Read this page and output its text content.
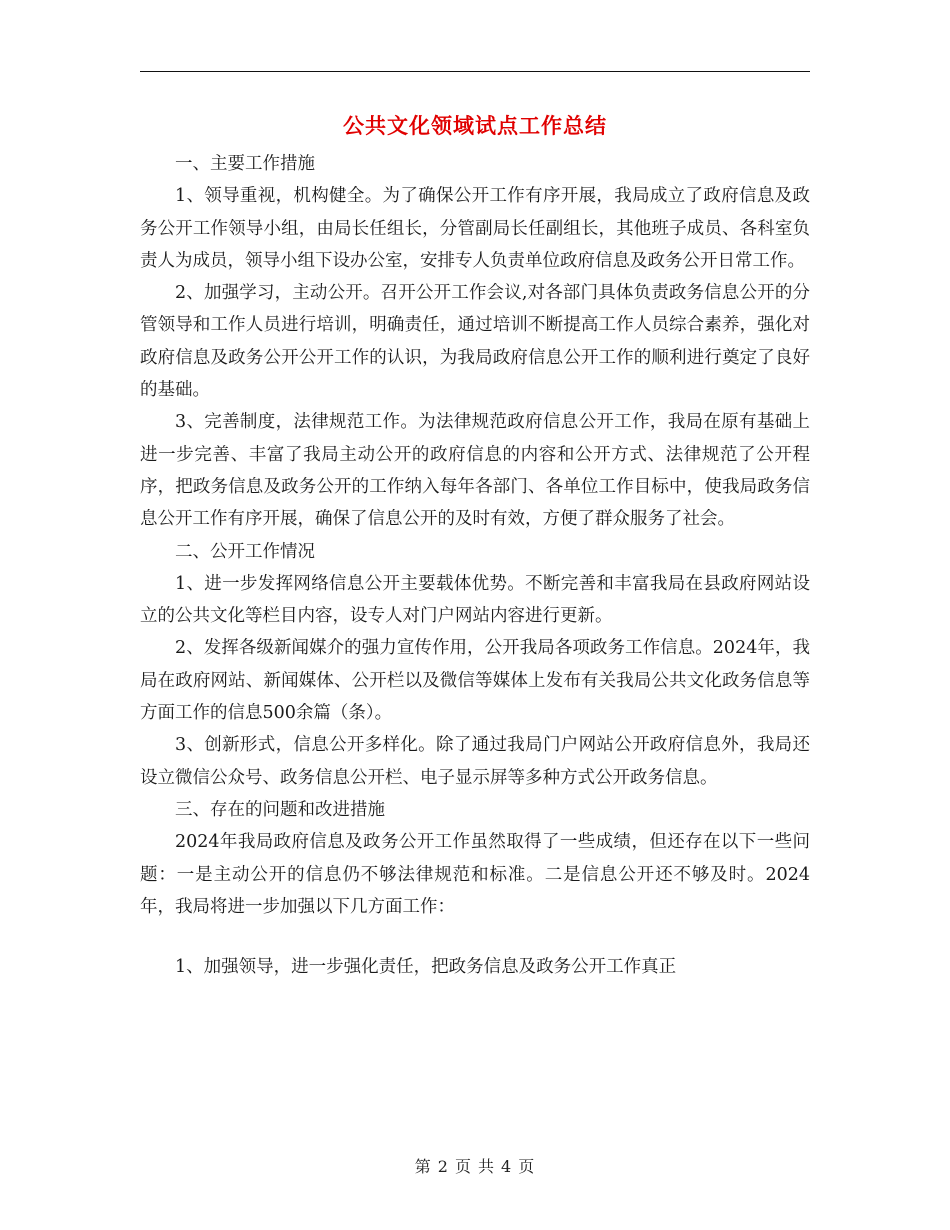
公共文化领域试点工作总结

一、主要工作措施

1、领导重视，机构健全。为了确保公开工作有序开展，我局成立了政府信息及政务公开工作领导小组，由局长任组长，分管副局长任副组长，其他班子成员、各科室负责人为成员，领导小组下设办公室，安排专人负责单位政府信息及政务公开日常工作。

2、加强学习，主动公开。召开公开工作会议,对各部门具体负责政务信息公开的分管领导和工作人员进行培训，明确责任，通过培训不断提高工作人员综合素养，强化对政府信息及政务公开公开工作的认识，为我局政府信息公开工作的顺利进行奠定了良好的基础。

3、完善制度，法律规范工作。为法律规范政府信息公开工作，我局在原有基础上进一步完善、丰富了我局主动公开的政府信息的内容和公开方式、法律规范了公开程序，把政务信息及政务公开的工作纳入每年各部门、各单位工作目标中，使我局政务信息公开工作有序开展，确保了信息公开的及时有效，方便了群众服务了社会。

二、公开工作情况

1、进一步发挥网络信息公开主要载体优势。不断完善和丰富我局在县政府网站设立的公共文化等栏目内容，设专人对门户网站内容进行更新。

2、发挥各级新闻媒介的强力宣传作用，公开我局各项政务工作信息。2024年，我局在政府网站、新闻媒体、公开栏以及微信等媒体上发布有关我局公共文化政务信息等方面工作的信息500余篇（条）。

3、创新形式，信息公开多样化。除了通过我局门户网站公开政府信息外，我局还设立微信公众号、政务信息公开栏、电子显示屏等多种方式公开政务信息。

三、存在的问题和改进措施

2024年我局政府信息及政务公开工作虽然取得了一些成绩，但还存在以下一些问题：一是主动公开的信息仍不够法律规范和标准。二是信息公开还不够及时。2024年，我局将进一步加强以下几方面工作：

1、加强领导，进一步强化责任，把政务信息及政务公开工作真正

第 2 页 共 4 页
